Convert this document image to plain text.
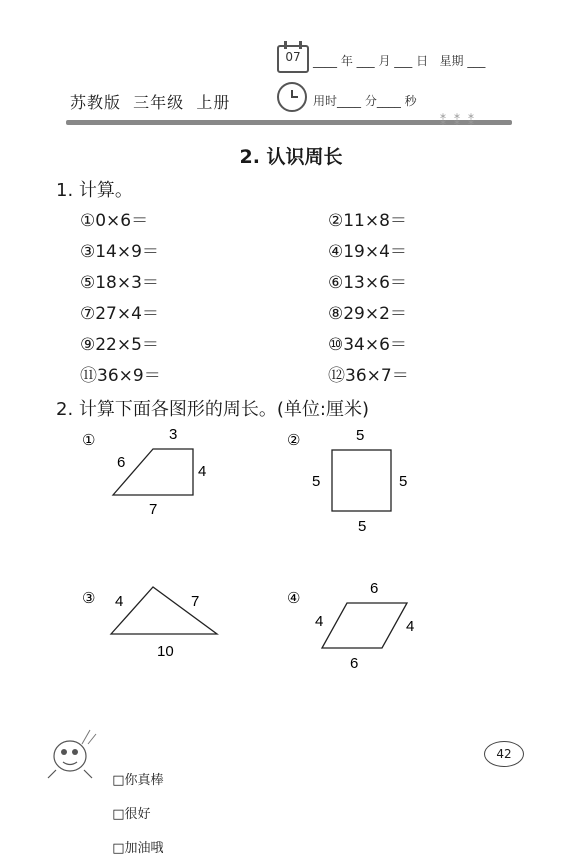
苏教版  三年级  上册
07	____ 年 ___ 月 ___ 日   星期 ___
用时____ 分____ 秒
⁑⁑⁑
2. 认识周长
1. 计算。
①0×6＝	②11×8＝
③14×9＝	④19×4＝
⑤18×3＝	⑥13×6＝
⑦27×4＝	⑧29×2＝
⑨22×5＝	⑩34×6＝
⑪36×9＝	⑫36×7＝
2. 计算下面各图形的周长。(单位:厘米)
①	3
6
4
7
②	5
5	5
5
③ 4	7
10
④
6
4	4
6

□你真棒

□很好

□加油哦

42
